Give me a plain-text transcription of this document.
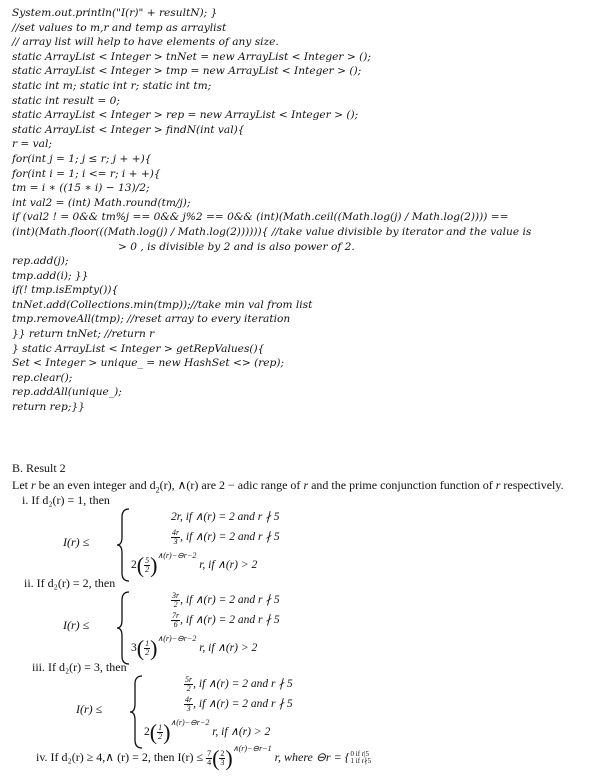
System.out.println("I(r)" + resultN); }
//set values to m,r and temp as arraylist
// array list will help to have elements of any size.
static ArrayList < Integer > tnNet = new ArrayList < Integer > ();
static ArrayList < Integer > tmp = new ArrayList < Integer > ();
static int m; static int r; static int tm;
static int result = 0;
static ArrayList < Integer > rep = new ArrayList < Integer > ();
static ArrayList < Integer > findN(int val){
r = val;
for(int j = 1; j ≤ r; j + +){
for(int i = 1; i <= r; i + +){
tm = i ∗ ((15 ∗ i) − 13)/2;
int val2 = (int) Math.round(tm/j);
if (val2 ! = 0&& tm%j == 0&& j%2 == 0&& (int)(Math.ceil((Math.log(j) / Math.log(2)))) ==
(int)(Math.floor(((Math.log(j) / Math.log(2)))))){ //take value divisible by iterator and the value is
> 0 , is divisible by 2 and is also power of 2.
rep.add(j);
tmp.add(i); }}
if(! tmp.isEmpty()){
tnNet.add(Collections.min(tmp));//take min val from list
tmp.removeAll(tmp); //reset array to every iteration
}} return tnNet; //return r
} static ArrayList < Integer > getRepValues(){
Set < Integer > unique_ = new HashSet <> (rep);
rep.clear();
rep.addAll(unique_);
return rep;}}
B. Result 2
Let r be an even integer and $d_2(r)$, ∧(r) are 2 − adic range of r and the prime conjunction function of r respectively.
i. If d₂(r) = 1, then
I(r) ≤
2r, if ∧(r) = 2 and r ∤ 5
$\frac{4r}{3}$ , if ∧(r) = 2 and r ∤ 5
$2( \frac{5}{2} )^{\wedge(r)-⊖r-2}$ r, if ∧(r) > 2
ii. If d₂(r) = 2, then
I(r) ≤
$\frac{3r}{2}$ , if ∧(r) = 2 and r ∤ 5
$\frac{7r}{6}$ , if ∧(r) = 2 and r ∤ 5
$3( \frac{1}{2} )^{\wedge(r)-⊖r-2}$ r, if ∧(r) > 2
iii. If d₂(r) = 3, then
I(r) ≤
$\frac{5r}{2}$ , if ∧(r) = 2 and r ∤ 5
$\frac{4r}{3}$ , if ∧(r) = 2 and r ∤ 5
$2( \frac{1}{2} )^{\wedge(r)-⊖r-2}$ r, if ∧(r) > 2
iv. If d₂(r) ≥ 4,∧ (r) = 2, then $I(r) \le \frac{7}{4}$ ( $\frac{2}{3} )^{\wedge(r)-⊖r-1}$ r, where ⊖r = { 0 if r|5
1 if r∤5
